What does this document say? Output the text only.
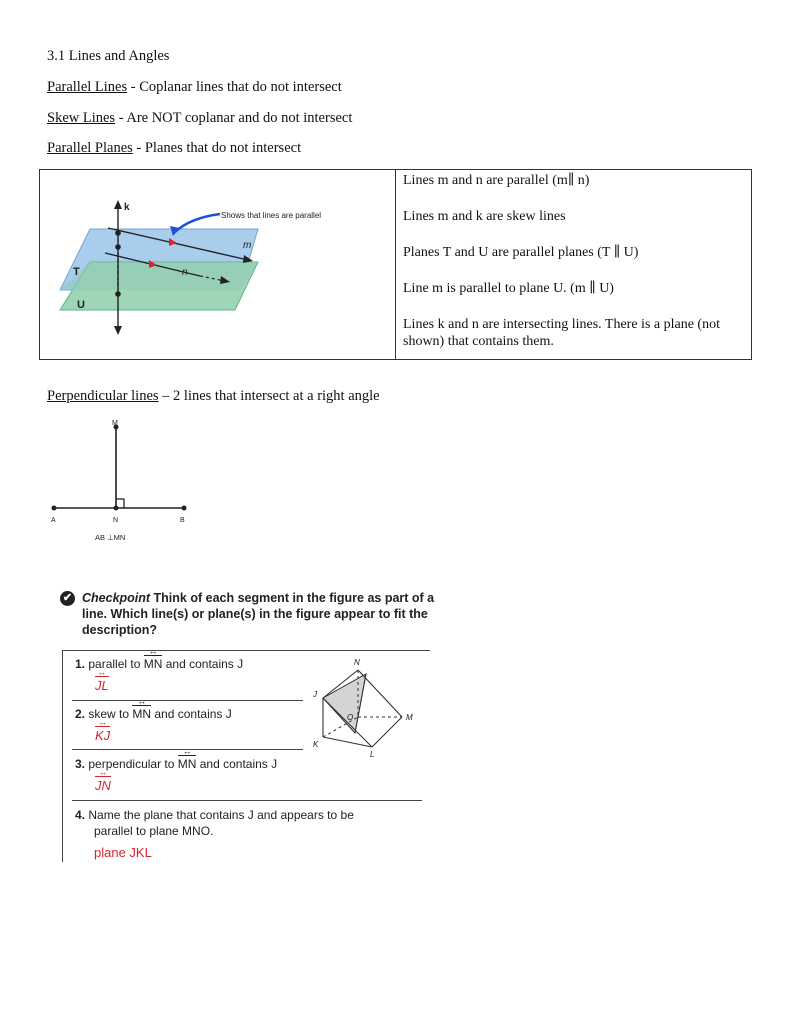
3.1 Lines and Angles
Parallel Lines - Coplanar lines that do not intersect
Skew Lines - Are NOT coplanar and do not intersect
Parallel Planes - Planes that do not intersect
Shows that lines are parallel
k
m
n
T
U

Lines m and n are parallel (m∥ n)

Lines m and k are skew lines

Planes T and U are parallel planes (T ∥ U)

Line m is parallel to plane U. (m ∥ U)

Lines k and n are intersecting lines. There is a plane (not shown) that contains them.

Perpendicular lines – 2 lines that intersect at a right angle
M
A	N	B
AB ⊥MN
✔ Checkpoint Think of each segment in the figure as part of a line. Which line(s) or plane(s) in the figure appear to fit the description?
1. parallel to MN ↔ and contains J
JL ↔
2. skew to MN ↔ and contains J
KJ ↔
3. perpendicular to MN ↔ and contains J
JN ↔
4. Name the plane that contains J and appears to be
parallel to plane MNO.
plane JKL
N
J
O	M
K
L
